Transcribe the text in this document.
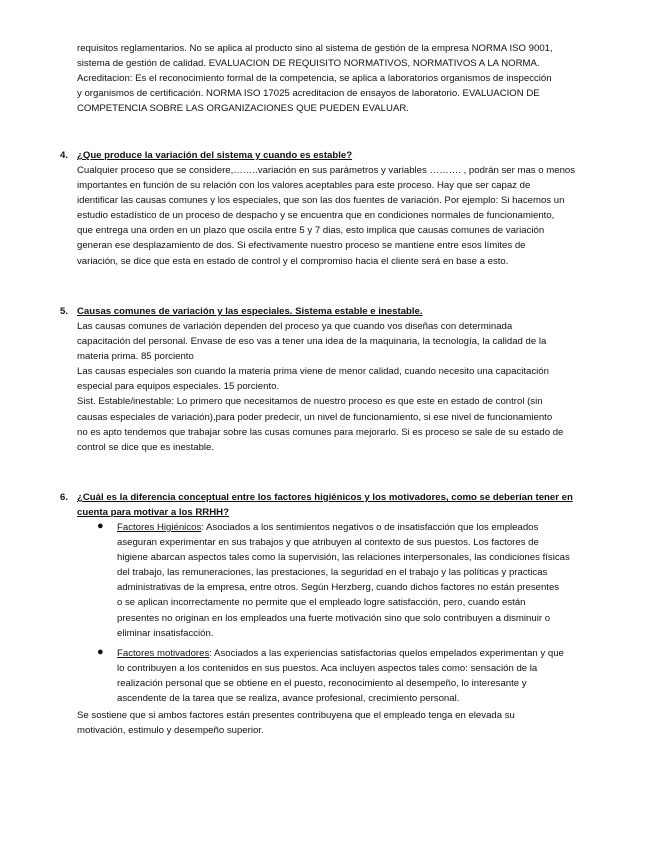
requisitos reglamentarios. No se aplica al producto sino al sistema de gestión de la empresa NORMA ISO 9001,
sistema de gestión de calidad. EVALUACION DE REQUISITO NORMATIVOS, NORMATIVOS A LA NORMA.
Acreditacion: Es el reconocimiento formal de la competencia, se aplica a laboratorios organismos de inspección
y organismos de certificación. NORMA ISO 17025 acreditacion de ensayos de laboratorio. EVALUACION DE
COMPETENCIA SOBRE LAS ORGANIZACIONES QUE PUEDEN EVALUAR.
4. ¿Que produce la variación del sistema y cuando es estable?
Cualquier proceso que se considere,……..variación en sus parámetros y variables ………. , podrán ser mas o menos
importantes en función de su relación con los valores aceptables para este proceso. Hay que ser capaz de
identificar las causas comunes y los especiales, que son las dos fuentes de variación. Por ejemplo: Si hacemos un
estudio estadístico de un proceso de despacho y se encuentra que en condiciones normales de funcionamiento,
que entrega una orden en un plazo que oscila entre 5 y 7 dias, esto implica que causas comunes de variación
generan ese desplazamiento de dos. Si efectivamente nuestro proceso se mantiene entre esos límites de
variación, se dice que esta en estado de control y el compromiso hacia el cliente será en base a esto.
5. Causas comunes de variación y las especiales. Sistema estable e inestable.
Las causas comunes de variación dependen del proceso ya que cuando vos diseñas con determinada
capacitación del personal. Envase de eso vas a tener una idea de la maquinaria, la tecnología, la calidad de la
materia prima. 85 porciento
Las causas especiales son cuando la materia prima viene de menor calidad, cuando necesito una capacitación
especial para equipos especiales. 15 porciento.
Sist. Estable/inestable: Lo primero que necesitamos de nuestro proceso es que este en estado de control (sin
causas especiales de variación),para poder predecir, un nivel de funcionamiento, si ese nivel de funcionamiento
no es apto tendemos que trabajar sobre las cusas comunes para mejorarlo. Si es proceso se sale de su estado de
control se dice que es inestable.
6. ¿Cuál es la diferencia conceptual entre los factores higiénicos y los motivadores, como se deberían tener en
cuenta para motivar a los RRHH?
● Factores Higiénicos: Asociados a los sentimientos negativos o de insatisfacción que los empleados
aseguran experimentar en sus trabajos y que atribuyen al contexto de sus puestos. Los factores de
higiene abarcan aspectos tales como la supervisión, las relaciones interpersonales, las condiciones físicas
del trabajo, las remuneraciones, las prestaciones, la seguridad en el trabajo y las políticas y practicas
administrativas de la empresa, entre otros. Según Herzberg, cuando dichos factores no están presentes
o se aplican incorrectamente no permite que el empleado logre satisfacción, pero, cuando están
presentes no originan en los empleados una fuerte motivación sino que solo contribuyen a disminuir o
eliminar insatisfacción.
● Factores motivadores: Asociados a las experiencias satisfactorias quelos empelados experimentan y que
lo contribuyen a los contenidos en sus puestos. Aca incluyen aspectos tales como: sensación de la
realización personal que se obtiene en el puesto, reconocimiento al desempeño, lo interesante y
ascendente de la tarea que se realiza, avance profesional, crecimiento personal.
Se sostiene que si ambos factores están presentes contribuyena que el empleado tenga en elevada su
motivación, estimulo y desempeño superior.
